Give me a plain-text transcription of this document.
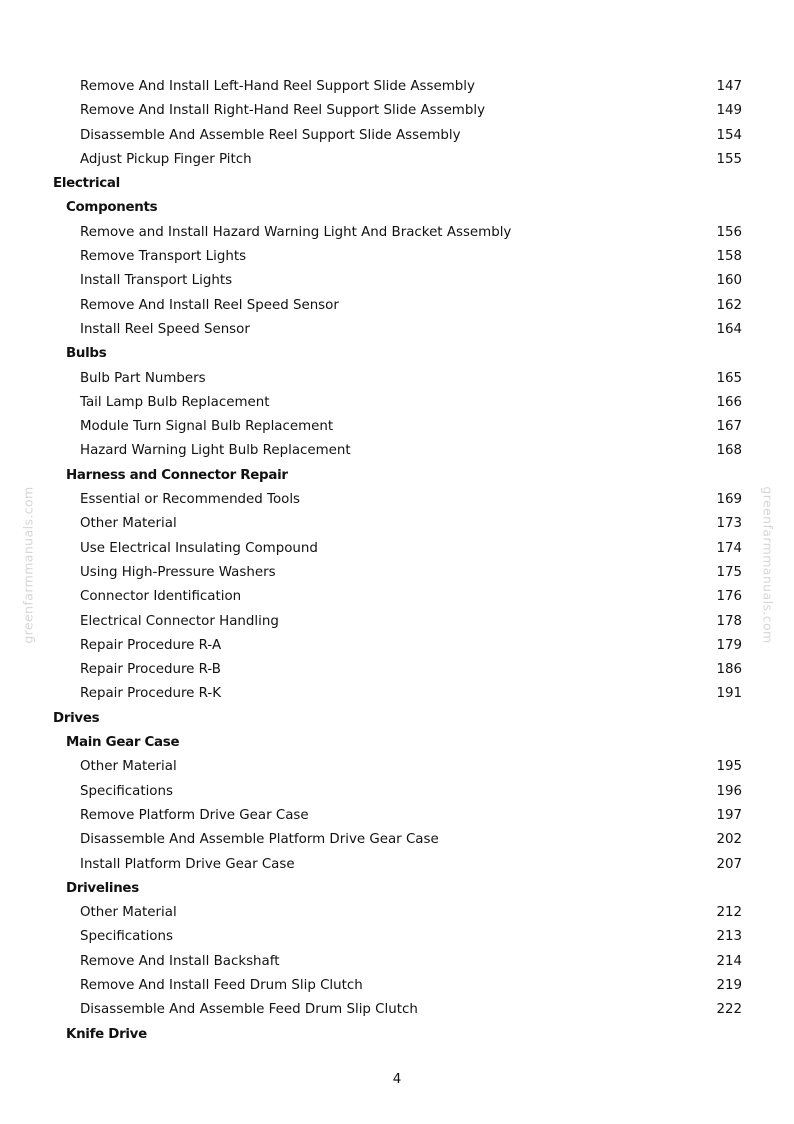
greenfarmmanuals.com	greenfarmmanuals.com
Remove And Install Left-Hand Reel Support Slide Assembly	147
Remove And Install Right-Hand Reel Support Slide Assembly	149
Disassemble And Assemble Reel Support Slide Assembly	154
Adjust Pickup Finger Pitch	155
Electrical
Components
Remove and Install Hazard Warning Light And Bracket Assembly	156
Remove Transport Lights	158
Install Transport Lights	160
Remove And Install Reel Speed Sensor	162
Install Reel Speed Sensor	164
Bulbs
Bulb Part Numbers	165
Tail Lamp Bulb Replacement	166
Module Turn Signal Bulb Replacement	167
Hazard Warning Light Bulb Replacement	168
Harness and Connector Repair
Essential or Recommended Tools	169
Other Material	173
Use Electrical Insulating Compound	174
Using High-Pressure Washers	175
Connector Identification	176
Electrical Connector Handling	178
Repair Procedure R-A	179
Repair Procedure R-B	186
Repair Procedure R-K	191
Drives
Main Gear Case
Other Material	195
Specifications	196
Remove Platform Drive Gear Case	197
Disassemble And Assemble Platform Drive Gear Case	202
Install Platform Drive Gear Case	207
Drivelines
Other Material	212
Specifications	213
Remove And Install Backshaft	214
Remove And Install Feed Drum Slip Clutch	219
Disassemble And Assemble Feed Drum Slip Clutch	222
Knife Drive
4
